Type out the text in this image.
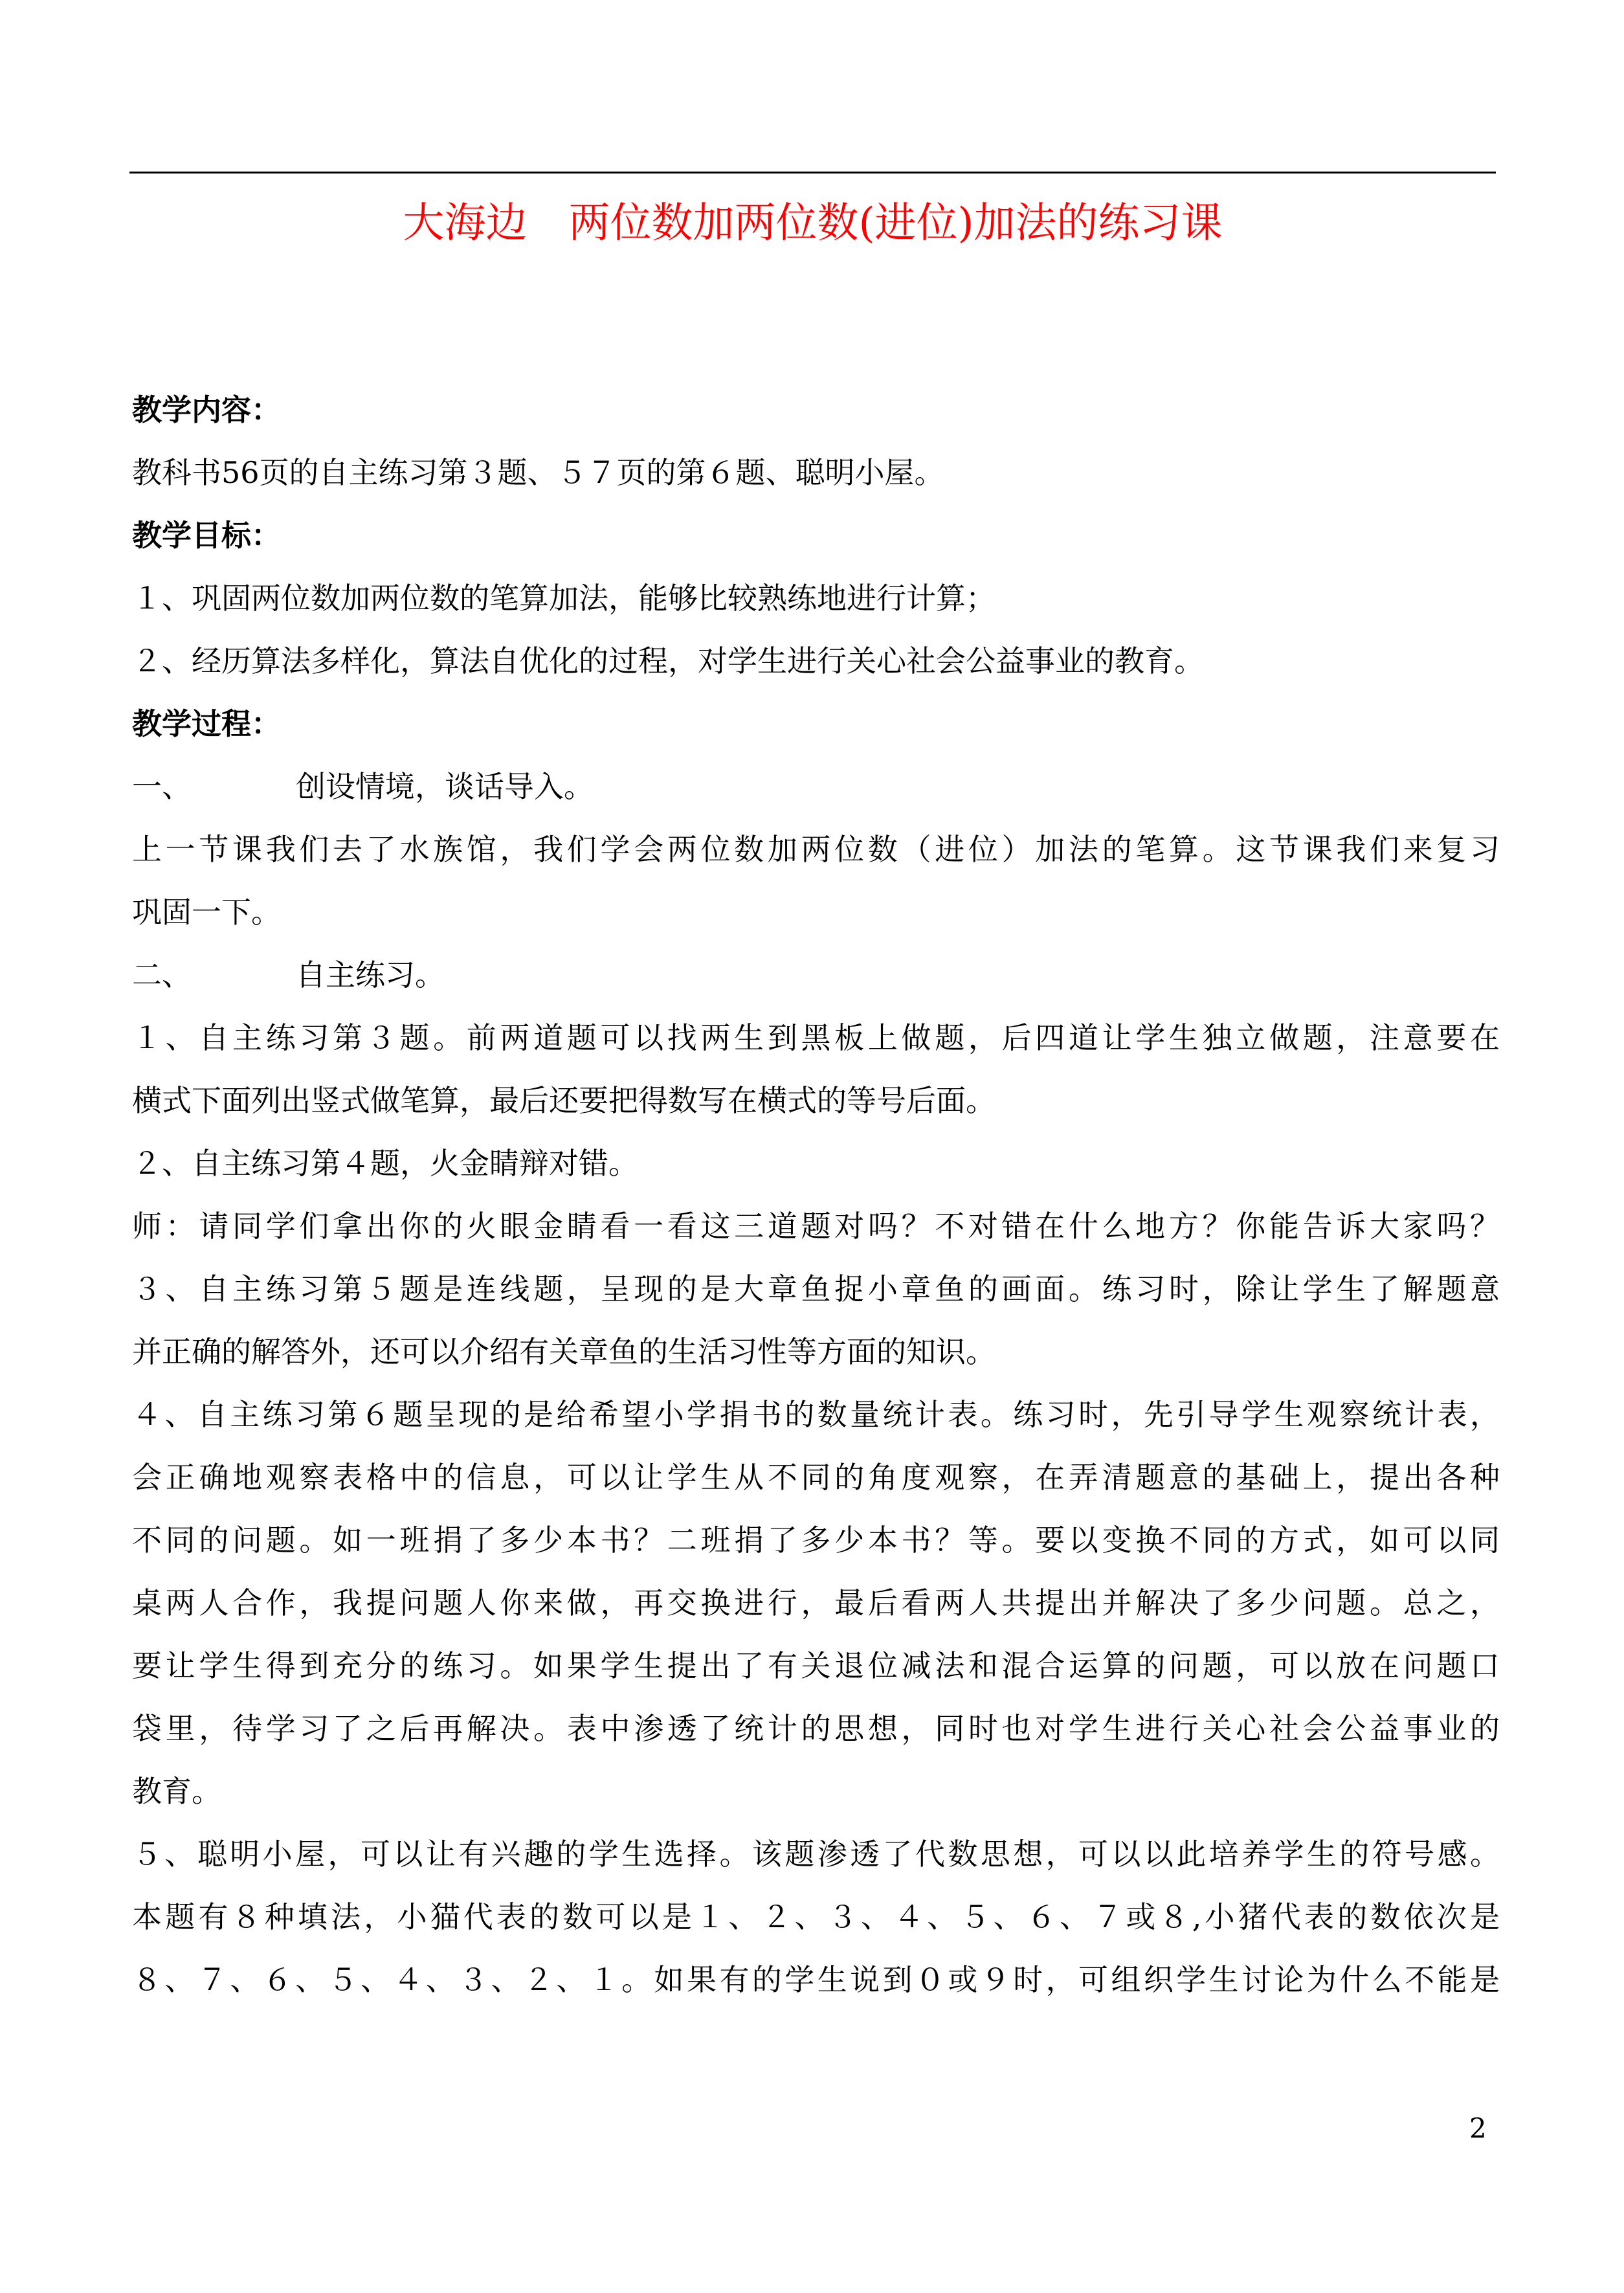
大海边　两位数加两位数(进位)加法的练习课

教学内容：

教科书56页的自主练习第３题、５７页的第６题、聪明小屋。

教学目标：

１、巩固两位数加两位数的笔算加法，能够比较熟练地进行计算；

２、经历算法多样化，算法自优化的过程，对学生进行关心社会公益事业的教育。

教学过程：

一、　　　　创设情境，谈话导入。

上一节课我们去了水族馆，我们学会两位数加两位数（进位）加法的笔算。这节课我们来复习

巩固一下。

二、　　　　自主练习。

１、自主练习第３题。前两道题可以找两生到黑板上做题，后四道让学生独立做题，注意要在

横式下面列出竖式做笔算，最后还要把得数写在横式的等号后面。

２、自主练习第４题，火金睛辩对错。

师：请同学们拿出你的火眼金睛看一看这三道题对吗？不对错在什么地方？你能告诉大家吗？

３、自主练习第５题是连线题，呈现的是大章鱼捉小章鱼的画面。练习时，除让学生了解题意

并正确的解答外，还可以介绍有关章鱼的生活习性等方面的知识。

４、自主练习第６题呈现的是给希望小学捐书的数量统计表。练习时，先引导学生观察统计表，

会正确地观察表格中的信息，可以让学生从不同的角度观察，在弄清题意的基础上，提出各种

不同的问题。如一班捐了多少本书？二班捐了多少本书？等。要以变换不同的方式，如可以同

桌两人合作，我提问题人你来做，再交换进行，最后看两人共提出并解决了多少问题。总之，

要让学生得到充分的练习。如果学生提出了有关退位减法和混合运算的问题，可以放在问题口

袋里，待学习了之后再解决。表中渗透了统计的思想，同时也对学生进行关心社会公益事业的

教育。

５、聪明小屋，可以让有兴趣的学生选择。该题渗透了代数思想，可以以此培养学生的符号感。

本题有８种填法，小猫代表的数可以是１、２、３、４、５、６、７或８,小猪代表的数依次是

８、７、６、５、４、３、２、１。如果有的学生说到０或９时，可组织学生讨论为什么不能是

2
